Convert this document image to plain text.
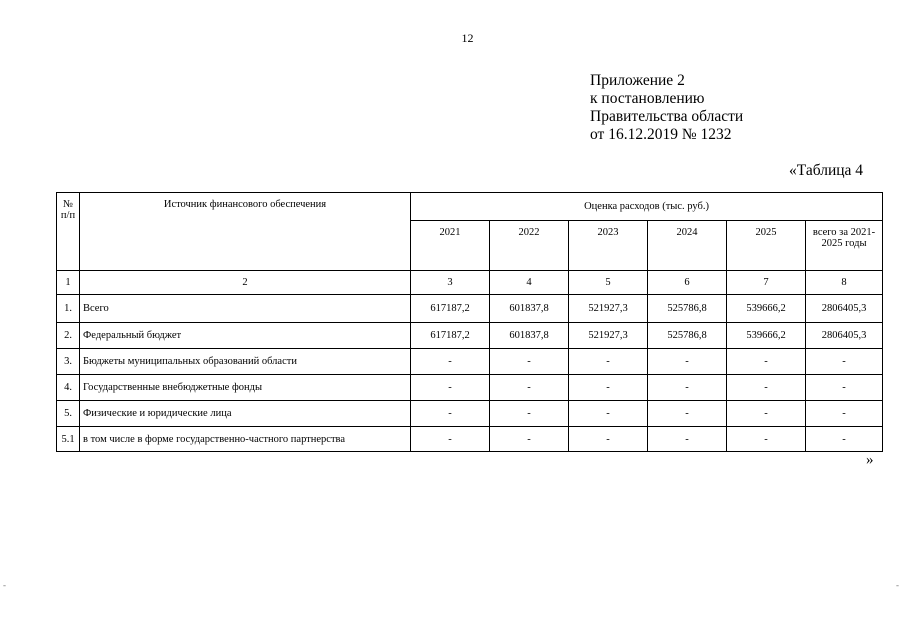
12
Приложение 2
к постановлению
Правительства области
от 16.12.2019 № 1232
«Таблица 4
№ п/п	Источник финансового обеспечения	Оценка расходов (тыс. руб.)					
		2021	2022	2023	2024	2025	всего за 2021-2025 годы
1	2	3	4	5	6	7	8
1.	Всего	617187,2	601837,8	521927,3	525786,8	539666,2	2806405,3
2.	Федеральный бюджет	617187,2	601837,8	521927,3	525786,8	539666,2	2806405,3
3.	Бюджеты муниципальных образований области	-	-	-	-	-	-
4.	Государственные внебюджетные фонды	-	-	-	-	-	-
5.	Физические и юридические лица	-	-	-	-	-	-
5.1	в том числе в форме государственно-частного партнерства	-	-	-	-	-	-
»
-	-
